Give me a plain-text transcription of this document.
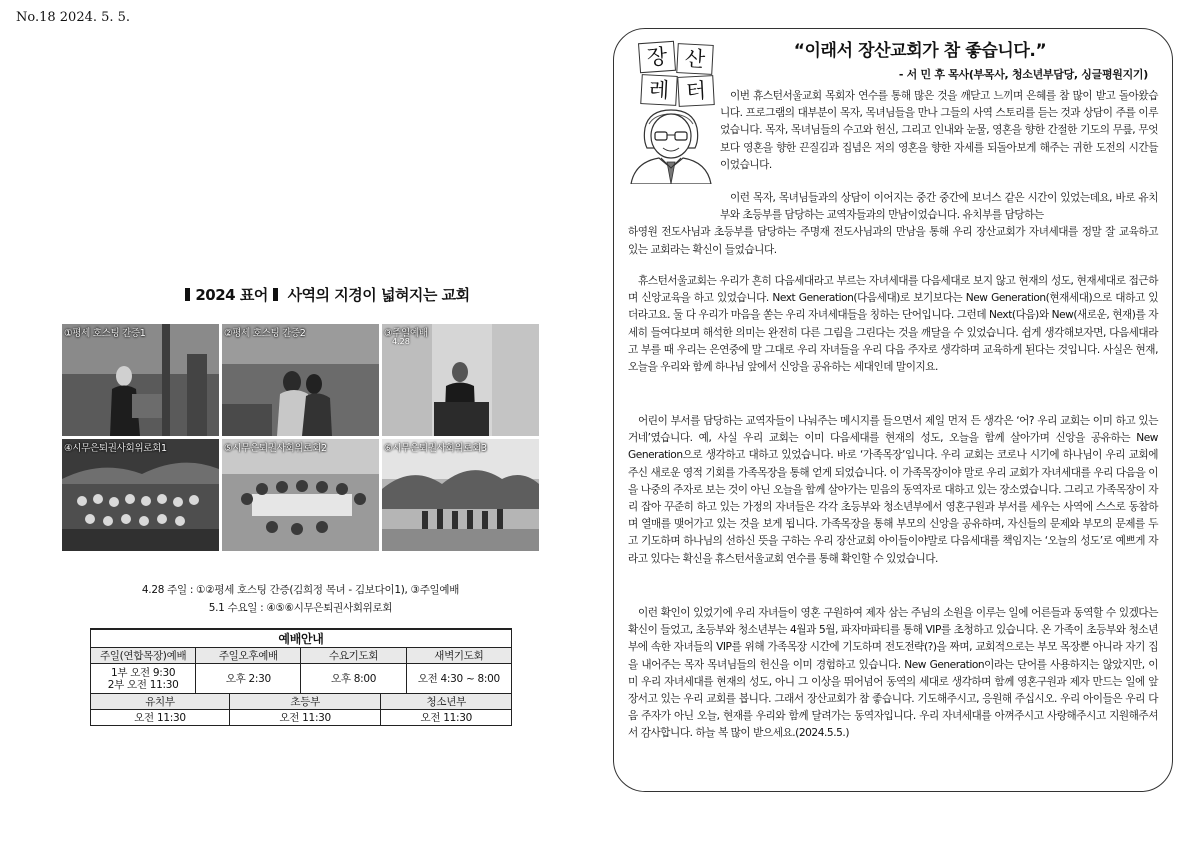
No.18 2024. 5. 5.
2024 표어 사역의 지경이 넓혀지는 교회
①평세 호스팅 간증1	②평세 호스팅 간증2	③주일예배
4.28
④시무은퇴권사회위로회1	⑤시무은퇴권사회위로회2	⑥시무은퇴권사회위로회3
4.28 주일 : ①②평세 호스팅 간증(김희정 목녀 - 김보다이1), ③주일예배
5.1 수요일 : ④⑤⑥시무은퇴권사회위로회
예배안내					
주일(연합목장)예배	주일오후예배		수요기도회		새벽기도회

1부 오전 9:30
2부 오전 11:30	오후 2:30		오후 8:00		오전 4:30 ~ 8:00
유치부		초등부		청소년부	
오전 11:30		오전 11:30		오전 11:30	
장 산
레 터
“이래서 장산교회가 참 좋습니다.”
- 서 민 후 목사(부목사, 청소년부담당, 싱글평원지기)
이번 휴스턴서울교회 목회자 연수를 통해 많은 것을 깨닫고 느끼며 은혜를 참 많이 받고 돌아왔습니다. 프로그램의 대부분이 목자, 목녀님들을 만나 그들의 사역 스토리를 듣는 것과 상담이 주를 이루었습니다. 목자, 목녀님들의 수고와 헌신, 그리고 인내와 눈물, 영혼을 향한 간절한 기도의 무릎, 무엇보다 영혼을 향한 끈질김과 집념은 저의 영혼을 향한 자세를 되돌아보게 해주는 귀한 도전의 시간들이었습니다.
이런 목자, 목녀님들과의 상담이 이어지는 중간 중간에 보너스 같은 시간이 있었는데요, 바로 유치부와 초등부를 담당하는 교역자들과의 만남이었습니다. 유치부를 담당하는
하영원 전도사님과 초등부를 담당하는 주명재 전도사님과의 만남을 통해 우리 장산교회가 자녀세대를 정말 잘 교육하고 있는 교회라는 확신이 들었습니다.
휴스턴서울교회는 우리가 흔히 다음세대라고 부르는 자녀세대를 다음세대로 보지 않고 현재의 성도, 현재세대로 접근하며 신앙교육을 하고 있었습니다. Next Generation(다음세대)로 보기보다는 New Generation(현재세대)으로 대하고 있더라고요. 둘 다 우리가 마음을 쏟는 우리 자녀세대들을 칭하는 단어입니다. 그런데 Next(다음)와 New(새로운, 현재)를 자세히 들여다보며 해석한 의미는 완전히 다른 그림을 그린다는 것을 깨달을 수 있었습니다. 쉽게 생각해보자면, 다음세대라고 부를 때 우리는 은연중에 말 그대로 우리 자녀들을 우리 다음 주자로 생각하며 교육하게 된다는 것입니다. 사실은 현재, 오늘을 우리와 함께 하나님 앞에서 신앙을 공유하는 세대인데 말이지요.
어린이 부서를 담당하는 교역자들이 나눠주는 메시지를 들으면서 제일 먼저 든 생각은 ‘어? 우리 교회는 이미 하고 있는 거네’였습니다. 예, 사실 우리 교회는 이미 다음세대를 현재의 성도, 오늘을 함께 살아가며 신앙을 공유하는 New Generation으로 생각하고 대하고 있었습니다. 바로 ‘가족목장’입니다. 우리 교회는 코로나 시기에 하나님이 우리 교회에 주신 새로운 영적 기회를 가족목장을 통해 얻게 되었습니다. 이 가족목장이야 말로 우리 교회가 자녀세대를 우리 다음을 이을 나중의 주자로 보는 것이 아닌 오늘을 함께 살아가는 믿음의 동역자로 대하고 있는 장소였습니다. 그리고 가족목장이 자리 잡아 꾸준히 하고 있는 가정의 자녀들은 각각 초등부와 청소년부에서 영혼구원과 부서를 세우는 사역에 스스로 동참하며 열매를 맺어가고 있는 것을 보게 됩니다. 가족목장을 통해 부모의 신앙을 공유하며, 자신들의 문제와 부모의 문제를 두고 기도하며 하나님의 선하신 뜻을 구하는 우리 장산교회 아이들이야말로 다음세대를 책임지는 ‘오늘의 성도’로 예쁘게 자라고 있다는 확신을 휴스턴서울교회 연수를 통해 확인할 수 있었습니다.
이런 확인이 있었기에 우리 자녀들이 영혼 구원하여 제자 삼는 주님의 소원을 이루는 일에 어른들과 동역할 수 있겠다는 확신이 들었고, 초등부와 청소년부는 4월과 5월, 파자마파티를 통해 VIP를 초청하고 있습니다. 온 가족이 초등부와 청소년부에 속한 자녀들의 VIP를 위해 가족목장 시간에 기도하며 전도전략(?)을 짜며, 교회적으로는 부모 목장뿐 아니라 자기 집을 내어주는 목자 목녀님들의 헌신을 이미 경험하고 있습니다. New Generation이라는 단어를 사용하지는 않았지만, 이미 우리 자녀세대를 현재의 성도, 아니 그 이상을 뛰어넘어 동역의 세대로 생각하며 함께 영혼구원과 제자 만드는 일에 앞장서고 있는 우리 교회를 봅니다. 그래서 장산교회가 참 좋습니다. 기도해주시고, 응원해 주십시오. 우리 아이들은 우리 다음 주자가 아닌 오늘, 현재를 우리와 함께 달려가는 동역자입니다. 우리 자녀세대를 아껴주시고 사랑해주시고 지원해주셔서 감사합니다. 하늘 복 많이 받으세요.(2024.5.5.)
